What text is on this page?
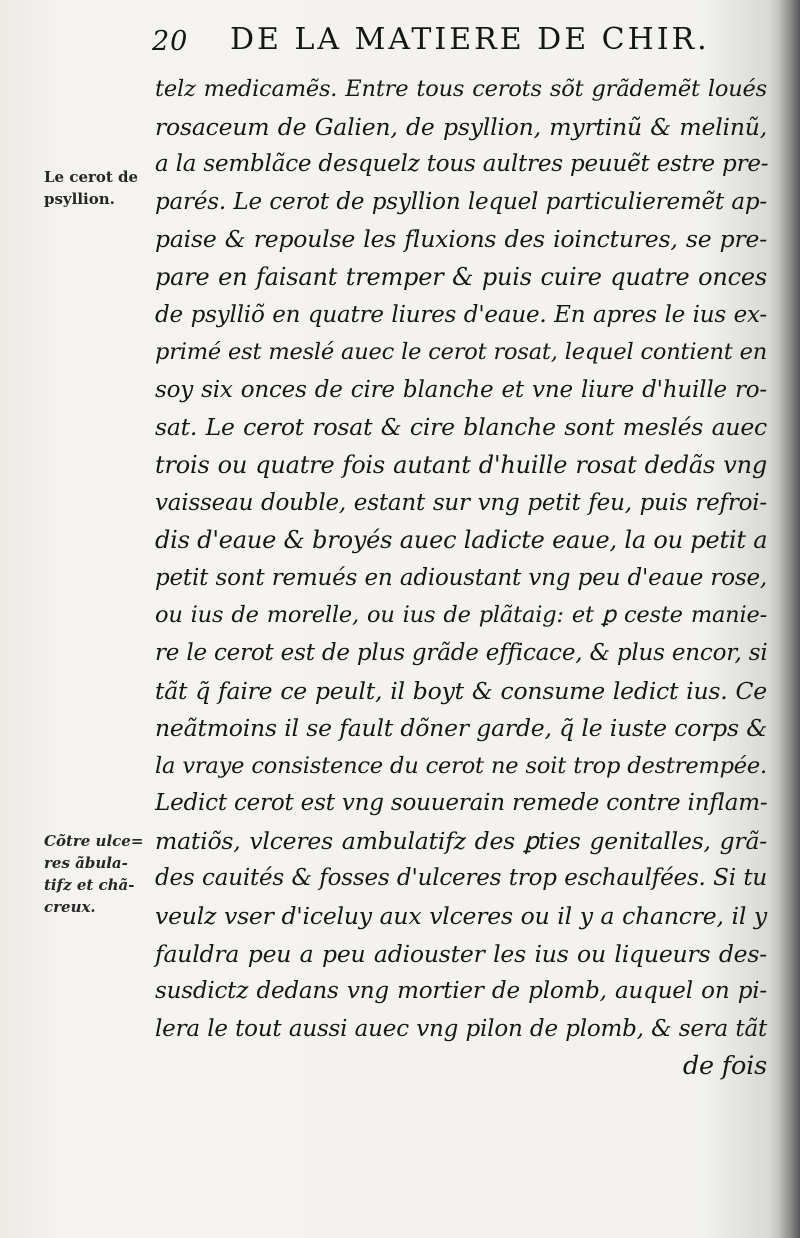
20 DE LA MATIERE DE CHIR.
Le cerot de
psyllion.
Cõtre ulce=
res ãbula-
tifz et chã-
creux.
telz medicamẽs. Entre tous cerots sõt grãdemẽt loués
rosaceum de Galien, de psyllion, myrtinũ & melinũ,
a la semblãce desquelz tous aultres peuuẽt estre pre-
parés. Le cerot de psyllion lequel particulieremẽt ap-
paise & repoulse les fluxions des ioinctures, se pre-
pare en faisant tremper & puis cuire quatre onces
de psylliõ en quatre liures d'eaue. En apres le ius ex-
primé est meslé auec le cerot rosat, lequel contient en
soy six onces de cire blanche et vne liure d'huille ro-
sat. Le cerot rosat & cire blanche sont meslés auec
trois ou quatre fois autant d'huille rosat dedãs vng
vaisseau double, estant sur vng petit feu, puis refroi-
dis d'eaue & broyés auec ladicte eaue, la ou petit a
petit sont remués en adioustant vng peu d'eaue rose,
ou ius de morelle, ou ius de plãtaig: et ꝑ ceste manie-
re le cerot est de plus grãde efficace, & plus encor, si
tãt q̃ faire ce peult, il boyt & consume ledict ius. Ce
neãtmoins il se fault dõner garde, q̃ le iuste corps &
la vraye consistence du cerot ne soit trop destrempée.
Ledict cerot est vng souuerain remede contre inflam-
matiõs, vlceres ambulatifz des ꝑties genitalles, grã-
des cauités & fosses d'ulceres trop eschaulfées. Si tu
veulz vser d'iceluy aux vlceres ou il y a chancre, il y
fauldra peu a peu adiouster les ius ou liqueurs des-
susdictz dedans vng mortier de plomb, auquel on pi-
lera le tout aussi auec vng pilon de plomb, & sera tãt
de fois
